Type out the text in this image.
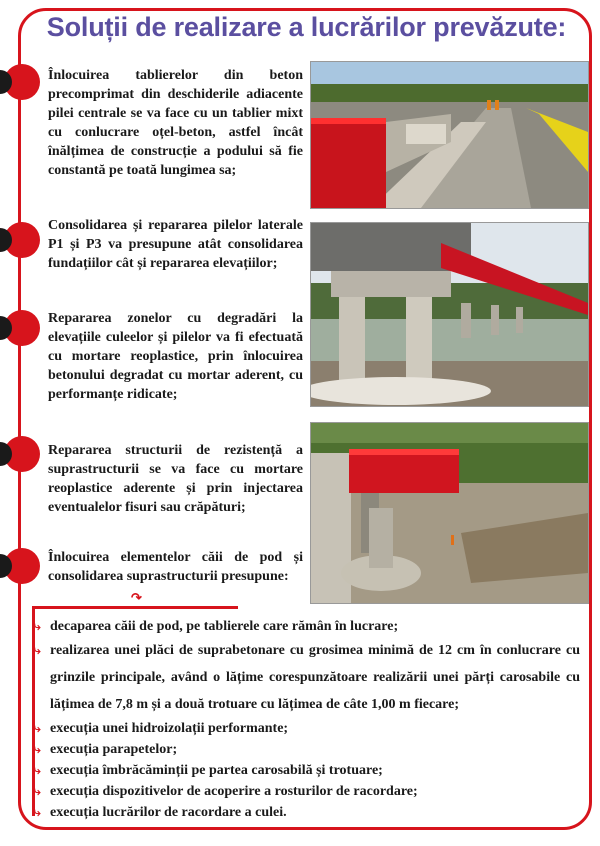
Soluții de realizare a lucrărilor prevăzute:
Înlocuirea tablierelor din beton precomprimat din deschiderile adiacente pilei centrale se va face cu un tablier mixt cu conlucrare oțel-beton, astfel încât înălțimea de construcție a podului să fie constantă pe toată lungimea sa;
Consolidarea și repararea pilelor laterale P1 și P3 va presupune atât consolidarea fundațiilor cât și repararea elevațiilor;
Repararea zonelor cu degradări la elevațiile culeelor și pilelor va fi efectuată cu mortare reoplastice, prin înlocuirea betonului degradat cu mortar aderent, cu performanțe ridicate;
Repararea structurii de rezistență a suprastructurii se va face cu mortare reoplastice aderente și prin injectarea eventualelor fisuri sau crăpături;
Înlocuirea elementelor căii de pod și consolidarea suprastructurii presupune:
↷
⤷ decaparea căii de pod, pe tablierele care rămân în lucrare;
⤷ realizarea unei plăci de suprabetonare cu grosimea minimă de 12 cm în conlucrare cu grinzile principale, având o lățime corespunzătoare realizării unei părți carosabile cu lățimea de 7,8 m și a două trotuare cu lățimea de câte 1,00 m fiecare;
⤷ execuția unei hidroizolații performante;
⤷ execuția parapetelor;
⤷ execuția îmbrăcăminții pe partea carosabilă și trotuare;
⤷ execuția dispozitivelor de acoperire a rosturilor de racordare;
⤷ execuția lucrărilor de racordare a culei.
